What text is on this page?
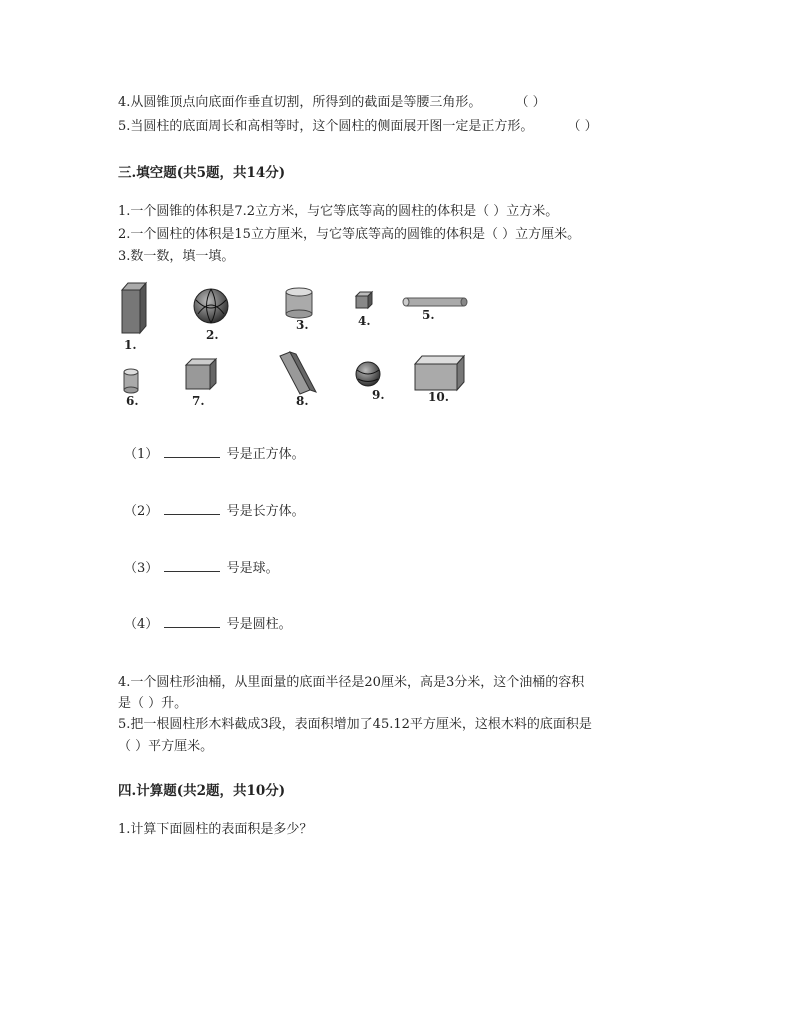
4.从圆锥顶点向底面作垂直切割，所得到的截面是等腰三角形。	（ ）
5.当圆柱的底面周长和高相等时，这个圆柱的侧面展开图一定是正方形。	（ ）
三.填空题(共5题，共14分)
1.一个圆锥的体积是7.2立方米，与它等底等高的圆柱的体积是（ ）立方米。
2.一个圆柱的体积是15立方厘米，与它等底等高的圆锥的体积是（ ）立方厘米。
3.数一数，填一填。
1.
2.
3.	4.	5.
6.	7.	8.	9.	10.
（1）	号是正方体。
（2）	号是长方体。
（3）	号是球。
（4）	号是圆柱。
4.一个圆柱形油桶，从里面量的底面半径是20厘米，高是3分米，这个油桶的容积
是（ ）升。
5.把一根圆柱形木料截成3段，表面积增加了45.12平方厘米，这根木料的底面积是
（ ）平方厘米。
四.计算题(共2题，共10分)
1.计算下面圆柱的表面积是多少？
